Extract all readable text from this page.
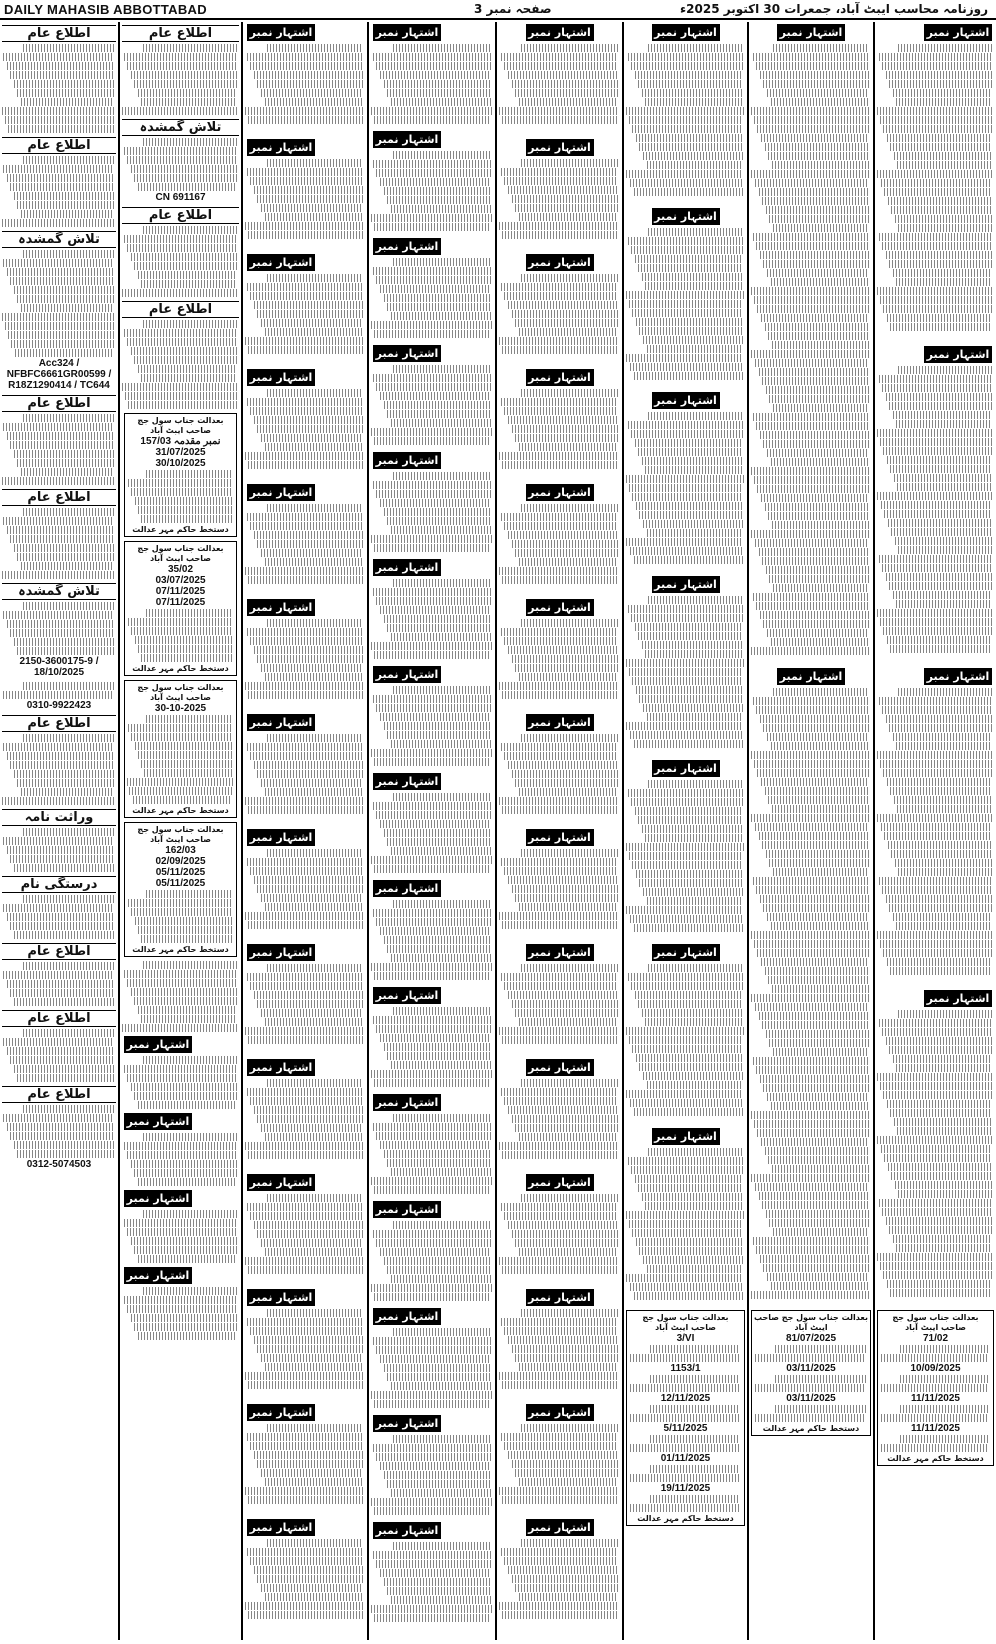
DAILY MAHASIB ABBOTTABAD	صفحہ نمبر 3	روزنامہ محاسب ایبٹ آباد، جمعرات 30 اکتوبر 2025ء
اطلاع عام
اطلاع عام
تلاش گمشدہ
Acc324 / NFBFC6661GR00599 / R18Z1290414 / TC644
اطلاع عام
اطلاع عام
تلاش گمشدہ
2150-3600175-9 / 18/10/2025
0310-9922423
اطلاع عام
وراثت نامہ
درستگی نام
اطلاع عام
اطلاع عام
اطلاع عام
0312-5074503
اطلاع عام
تلاش گمشدہ
CN 691167
اطلاع عام
اطلاع عام
بعدالت جناب سول جج صاحب ایبٹ آباد
نمبر مقدمہ 157/03
31/07/2025
30/10/2025
دستخط حاکم مہر عدالت
بعدالت جناب سول جج صاحب ایبٹ آباد
35/02
03/07/2025
07/11/2025
07/11/2025
دستخط حاکم مہر عدالت
بعدالت جناب سول جج صاحب ایبٹ آباد
30-10-2025
دستخط حاکم مہر عدالت
بعدالت جناب سول جج صاحب ایبٹ آباد
162/03
02/09/2025
05/11/2025
05/11/2025
دستخط حاکم مہر عدالت
اشتہار نمبر
اشتہار نمبر
اشتہار نمبر
اشتہار نمبر
اشتہار نمبر
اشتہار نمبر
اشتہار نمبر
اشتہار نمبر
اشتہار نمبر
اشتہار نمبر
اشتہار نمبر
اشتہار نمبر
اشتہار نمبر
اشتہار نمبر
اشتہار نمبر
اشتہار نمبر
اشتہار نمبر
اشتہار نمبر
اشتہار نمبر
اشتہار نمبر
اشتہار نمبر
اشتہار نمبر
اشتہار نمبر
اشتہار نمبر
اشتہار نمبر
اشتہار نمبر
اشتہار نمبر
اشتہار نمبر
اشتہار نمبر
اشتہار نمبر
اشتہار نمبر
اشتہار نمبر
اشتہار نمبر
اشتہار نمبر
اشتہار نمبر
اشتہار نمبر
اشتہار نمبر
اشتہار نمبر
اشتہار نمبر
اشتہار نمبر
اشتہار نمبر
اشتہار نمبر
اشتہار نمبر
اشتہار نمبر
اشتہار نمبر
اشتہار نمبر
اشتہار نمبر
اشتہار نمبر
اشتہار نمبر
اشتہار نمبر
اشتہار نمبر
اشتہار نمبر
اشتہار نمبر
اشتہار نمبر
بعدالت جناب سول جج صاحب ایبٹ آباد
3/VI
1153/1
12/11/2025
5/11/2025
01/11/2025
19/11/2025
دستخط حاکم مہر عدالت
اشتہار نمبر
اشتہار نمبر
بعدالت جناب سول جج صاحب ایبٹ آباد
81/07/2025
03/11/2025
03/11/2025
دستخط حاکم مہر عدالت
اشتہار نمبر
اشتہار نمبر
اشتہار نمبر
اشتہار نمبر
بعدالت جناب سول جج صاحب ایبٹ آباد
71/02
10/09/2025
11/11/2025
11/11/2025
دستخط حاکم مہر عدالت
